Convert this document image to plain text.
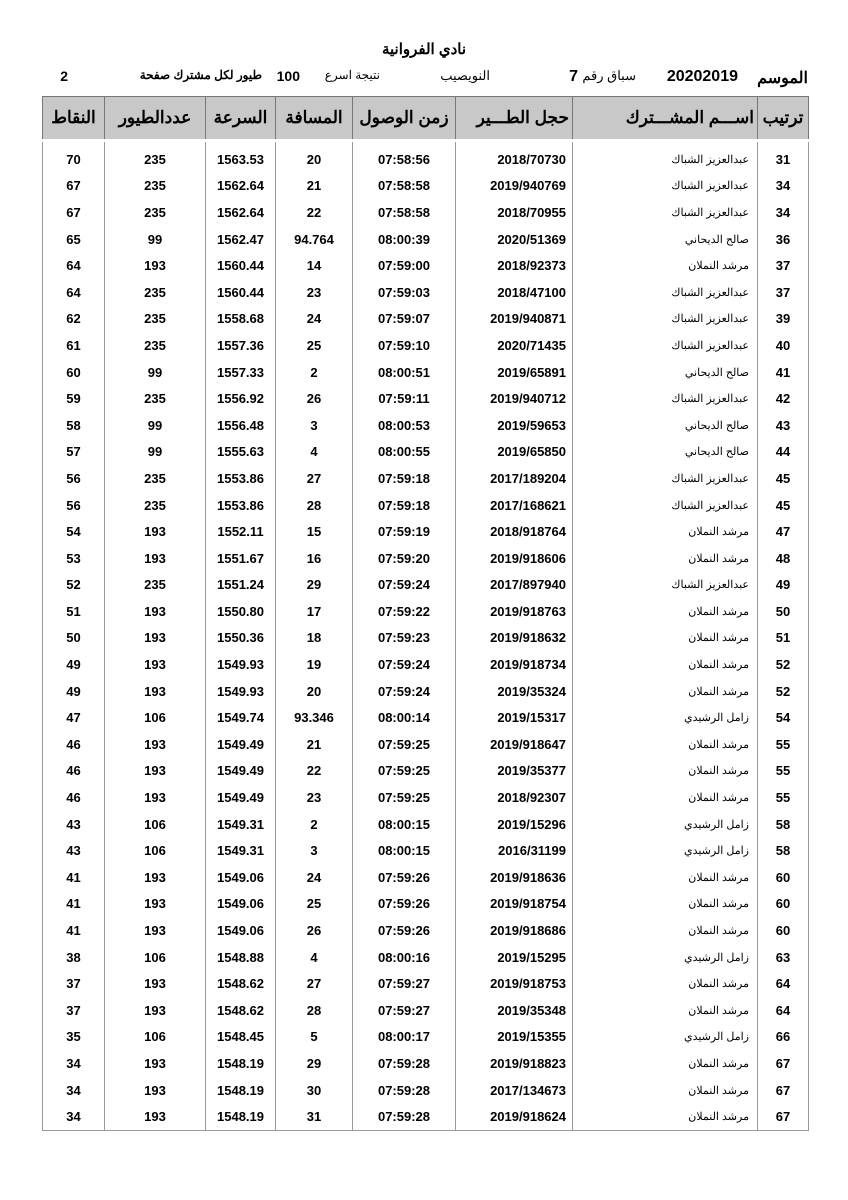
نادي الفروانية
الموسم
20202019
سباق رقم
7
النويصيب
نتيجة اسرع
100
طيور لكل مشترك صفحة
2
ترتيب	اســـم المشـــترك	حجل الطـــير	زمن الوصول	المسافة	السرعة	عددالطيور	النقاط
31	عبدالعزيز الشباك	2018/70730	07:58:56	20	1563.53	235	70
34	عبدالعزيز الشباك	2019/940769	07:58:58	21	1562.64	235	67
34	عبدالعزيز الشباك	2018/70955	07:58:58	22	1562.64	235	67
36	صالح الديحاني	2020/51369	08:00:39	94.764	1562.47	99	65
37	مرشد النملان	2018/92373	07:59:00	14	1560.44	193	64
37	عبدالعزيز الشباك	2018/47100	07:59:03	23	1560.44	235	64
39	عبدالعزيز الشباك	2019/940871	07:59:07	24	1558.68	235	62
40	عبدالعزيز الشباك	2020/71435	07:59:10	25	1557.36	235	61
41	صالح الديحاني	2019/65891	08:00:51	2	1557.33	99	60
42	عبدالعزيز الشباك	2019/940712	07:59:11	26	1556.92	235	59
43	صالح الديحاني	2019/59653	08:00:53	3	1556.48	99	58
44	صالح الديحاني	2019/65850	08:00:55	4	1555.63	99	57
45	عبدالعزيز الشباك	2017/189204	07:59:18	27	1553.86	235	56
45	عبدالعزيز الشباك	2017/168621	07:59:18	28	1553.86	235	56
47	مرشد النملان	2018/918764	07:59:19	15	1552.11	193	54
48	مرشد النملان	2019/918606	07:59:20	16	1551.67	193	53
49	عبدالعزيز الشباك	2017/897940	07:59:24	29	1551.24	235	52
50	مرشد النملان	2019/918763	07:59:22	17	1550.80	193	51
51	مرشد النملان	2019/918632	07:59:23	18	1550.36	193	50
52	مرشد النملان	2019/918734	07:59:24	19	1549.93	193	49
52	مرشد النملان	2019/35324	07:59:24	20	1549.93	193	49
54	زامل الرشيدي	2019/15317	08:00:14	93.346	1549.74	106	47
55	مرشد النملان	2019/918647	07:59:25	21	1549.49	193	46
55	مرشد النملان	2019/35377	07:59:25	22	1549.49	193	46
55	مرشد النملان	2018/92307	07:59:25	23	1549.49	193	46
58	زامل الرشيدي	2019/15296	08:00:15	2	1549.31	106	43
58	زامل الرشيدي	2016/31199	08:00:15	3	1549.31	106	43
60	مرشد النملان	2019/918636	07:59:26	24	1549.06	193	41
60	مرشد النملان	2019/918754	07:59:26	25	1549.06	193	41
60	مرشد النملان	2019/918686	07:59:26	26	1549.06	193	41
63	زامل الرشيدي	2019/15295	08:00:16	4	1548.88	106	38
64	مرشد النملان	2019/918753	07:59:27	27	1548.62	193	37
64	مرشد النملان	2019/35348	07:59:27	28	1548.62	193	37
66	زامل الرشيدي	2019/15355	08:00:17	5	1548.45	106	35
67	مرشد النملان	2019/918823	07:59:28	29	1548.19	193	34
67	مرشد النملان	2017/134673	07:59:28	30	1548.19	193	34
67	مرشد النملان	2019/918624	07:59:28	31	1548.19	193	34
